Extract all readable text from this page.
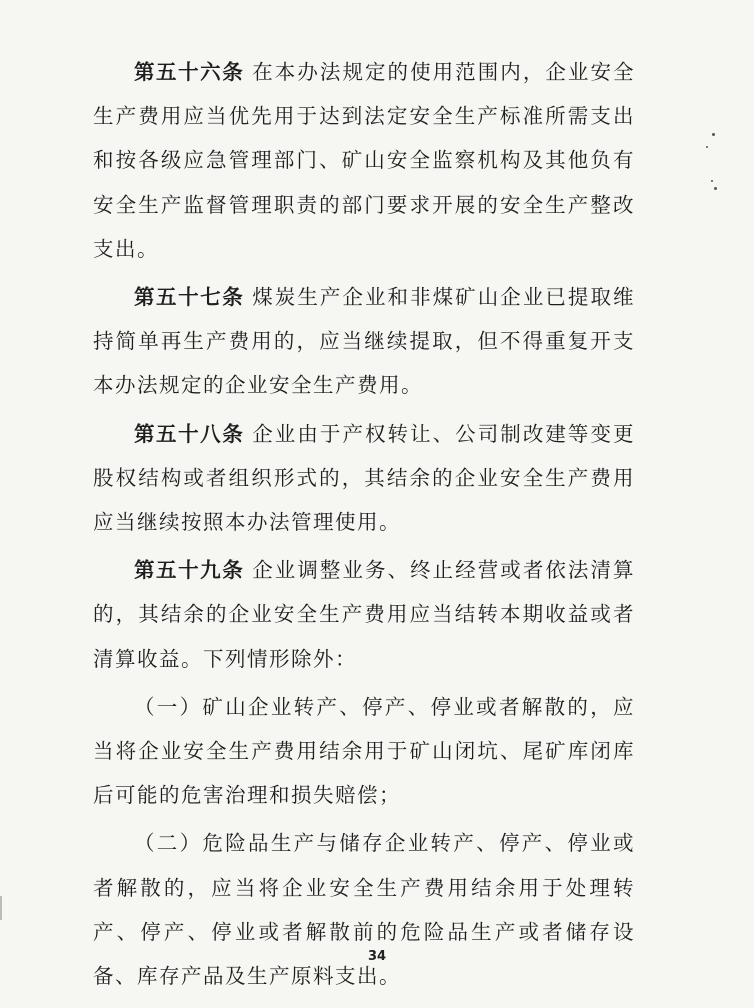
第五十六条 在本办法规定的使用范围内，企业安全生产费用应当优先用于达到法定安全生产标准所需支出和按各级应急管理部门、矿山安全监察机构及其他负有安全生产监督管理职责的部门要求开展的安全生产整改支出。

第五十七条 煤炭生产企业和非煤矿山企业已提取维持简单再生产费用的，应当继续提取，但不得重复开支本办法规定的企业安全生产费用。

第五十八条 企业由于产权转让、公司制改建等变更股权结构或者组织形式的，其结余的企业安全生产费用应当继续按照本办法管理使用。

第五十九条 企业调整业务、终止经营或者依法清算的，其结余的企业安全生产费用应当结转本期收益或者清算收益。下列情形除外：

（一）矿山企业转产、停产、停业或者解散的，应当将企业安全生产费用结余用于矿山闭坑、尾矿库闭库后可能的危害治理和损失赔偿；

（二）危险品生产与储存企业转产、停产、停业或者解散的，应当将企业安全生产费用结余用于处理转产、停产、停业或者解散前的危险品生产或者储存设备、库存产品及生产原料支出。

34
